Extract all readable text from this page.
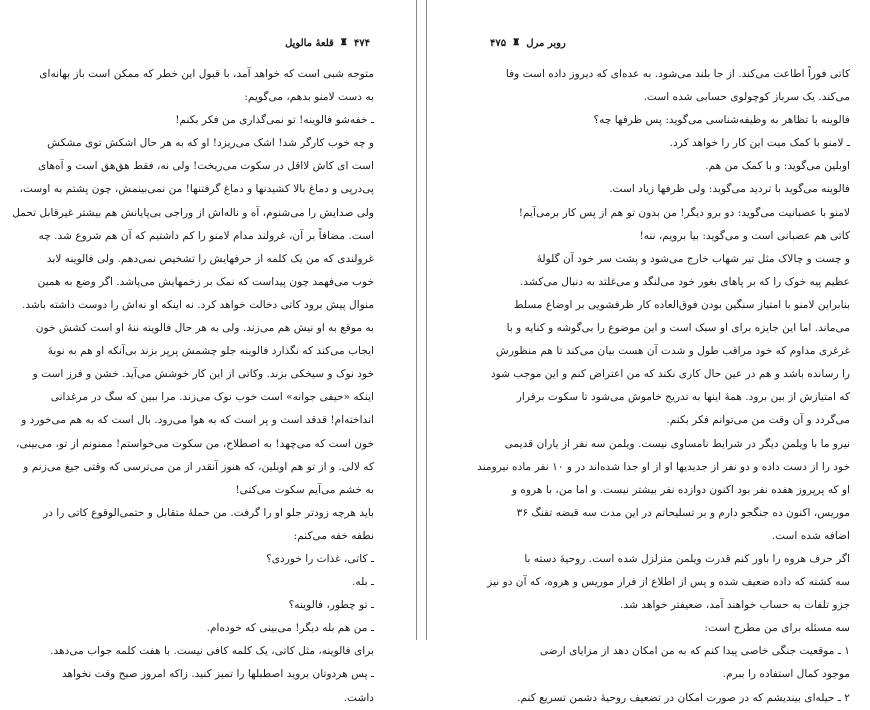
۴۷۴
♜
قلعهٔ مالویل
متوجه شبی است که خواهد آمد، با قبول این خطر که ممکن است باز بهانه‌ای
به دست لامنو بدهم، می‌گویم:
ـ خفه‌شو فالوینه! تو نمی‌گذاری من فکر بکنم!
و چه خوب کارگر شد! اشک می‌ریزد! او که به هر حال اشکش توی مشکش
است ای کاش لااقل در سکوت می‌ریخت! ولی نه، فقط هق‌هق است و آه‌های
پی‌درپی و دماغ بالا کشیدنها و دماغ گرفتنها! من نمی‌بینمش، چون پشتم به اوست،
ولی صدایش را می‌شنوم، آه و ناله‌اش از وراجی بی‌پایانش هم بیشتر غیرقابل تحمل
است. مضافاً بر آن، غرولند مدام لامنو را کم داشتیم که آن هم شروع شد. چه
غرولندی که من یک کلمه از حرفهایش را تشخیص نمی‌دهم. ولی فالوینه لابد
خوب می‌فهمد چون پیداست که نمک بر زخمهایش می‌پاشد. اگر وضع به همین
منوال پیش برود کاتی دخالت خواهد کرد. نه اینکه او نه‌اش را دوست داشته باشد.
به موقع به او نیش هم می‌زند. ولی به هر حال فالوینه ننهٔ او است کشش خون
ایجاب می‌کند که نگذارد فالوینه جلو چشمش پرپر بزند بی‌آنکه او هم به نوبهٔ
خود نوک و سیخکی بزند. وکاتی از این کار خوشش می‌آید. خشن و فرز است و
اینکه «حیفی جوانه» است خوب نوک می‌زند. مرا ببین که سگ در مرغدانی
انداخته‌ام! قدقد است و پر است که به هوا می‌رود. بال است که به هم می‌خورد و
خون است که می‌چهد! به اصطلاح، من سکوت می‌خواستم! ممنونم از تو، می‌بینی،
که لالی. و از تو هم اوبلین، که هنوز آنقدر از من می‌ترسی که وقتی جیغ می‌زنم و
به خشم می‌آیم سکوت می‌کنی!
باید هرچه زودتر جلو او را گرفت. من حملهٔ متقابل و حتمی‌الوقوع کاتی را در
نطفه خفه می‌کنم:
ـ کاتی، غذات را خوردی؟
ـ بله.
ـ تو چطور، فالوینه؟
ـ من هم بله دیگر! می‌بینی که خوده‌ام.
برای فالوینه، مثل کاتی، یک کلمه کافی نیست. با هفت کلمه جواب می‌دهد.
ـ پس هردوتان بروید اصطبلها را تمیز کنید. زاکه امروز صبح وقت نخواهد
داشت.
روبر مرل
♜
۴۷۵
کاتی فوراً اطاعت می‌کند. از جا بلند می‌شود. به عده‌ای که دیروز داده است وفا
می‌کند. یک سرباز کوچولوی حسابی شده است.
فالوینه با تظاهر به وظیفه‌شناسی می‌گوید: پس ظرفها چه؟
ـ لامنو با کمک میت این کار را خواهد کرد.
اوبلین می‌گوید: و با کمک من هم.
فالوینه می‌گوید با تردید می‌گوید: ولی ظرفها زیاد است.
لامنو با عصبانیت می‌گوید: دو برو دیگر! من بدون تو هم از پس کار برمی‌آیم!
کاتی هم عصبانی است و می‌گوید: بیا برویم، ننه!
و چست و چالاک مثل تیر شهاب خارج می‌شود و پشت سر خود آن گلولهٔ
عظیم پیه خوک را که بر پاهای بغور خود می‌لنگد و می‌غلتد به دنبال می‌کشد.
بنابراین لامنو با امتیاز سنگین بودن فوق‌العاده کار ظرفشویی بر اوضاع مسلط
می‌ماند. اما این جایزه برای او سبک است و این موضوع را بی‌گوشه و کنایه و با
غرغری مداوم که خود مراقب طول و شدت آن هست بیان می‌کند تا هم منظورش
را رسانده باشد و هم در عین حال کاری نکند که من اعتراض کنم و این موجب شود
که امتیازش از بین برود. همهٔ اینها به تدریج خاموش می‌شود تا سکوت برقرار
می‌گردد و آن وقت من می‌توانم فکر بکنم.
نیرو ما با ویلمن دیگر در شرایط نامساوی نیست. ویلمن سه نفر از یاران قدیمی
خود را از دست داده و دو نفر از جدیدیها او از او جدا شده‌اند در و ۱۰ نفر ماده نیرومند
او که پرپروز هفده نفر بود اکنون دوازده نفر بیشتر نیست. و اما من، با هروه و
موریس، اکنون ده جنگجو دارم و بر تسلیحاتم در این مدت سه قبضه تفنگ ۳۶
اضافه شده است.
اگر حرف هروه را باور کنم قدرت ویلمن متزلزل شده است. روحیهٔ دسته با
سه کشته که داده ضعیف شده و پس از اطلاع از فرار موریس و هروه، که آن دو نیز
جزو تلفات به حساب خواهند آمد، ضعیفتر خواهد شد.
سه مسئله برای من مطرح است:
۱ ـ موقعیت جنگی خاصی پیدا کنم که به من امکان دهد از مزایای ارضی
موجود کمال استفاده را ببرم.
۲ ـ حیله‌ای بیندیشم که در صورت امکان در تضعیف روحیهٔ دشمن تسریع کنم.
